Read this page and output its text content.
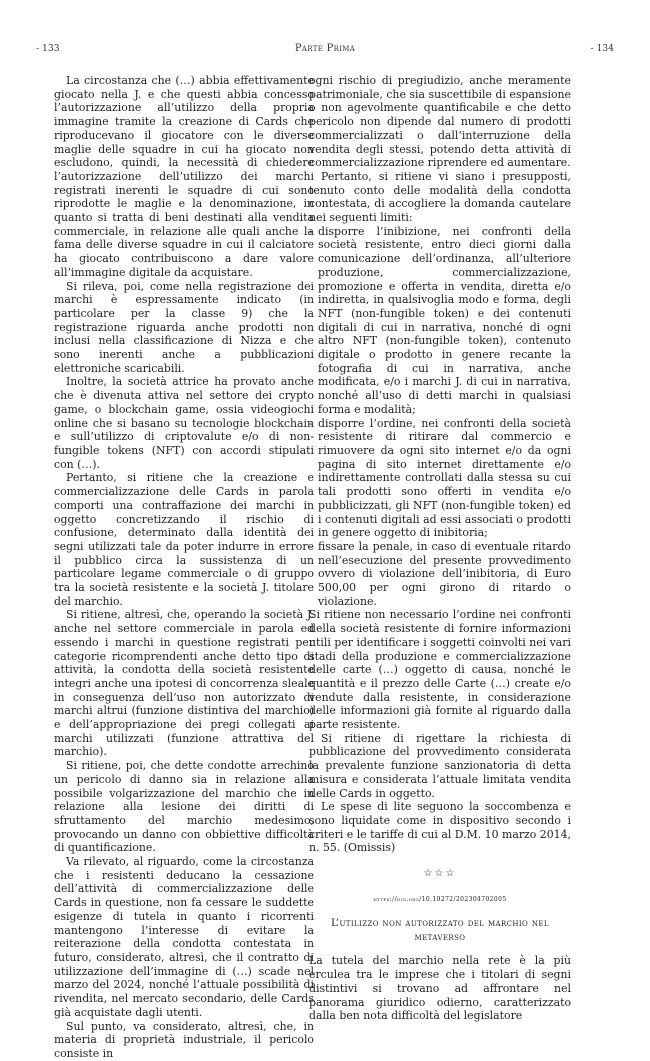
- 133	Parte Prima	- 134

La circostanza che (…) abbia effettivamente giocato nella J. e che questi abbia concesso l’autorizzazione all’utilizzo della propria immagine tramite la creazione di Cards che riproducevano il giocatore con le diverse maglie delle squadre in cui ha giocato non escludono, quindi, la necessità di chiedere l’autorizzazione dell’utilizzo dei marchi registrati inerenti le squadre di cui sono riprodotte le maglie e la denominazione, in quanto si tratta di beni destinati alla vendita commerciale, in relazione alle quali anche la fama delle diverse squadre in cui il calciatore ha giocato contribuiscono a dare valore all’immagine digitale da acquistare.

Si rileva, poi, come nella registrazione dei marchi è espressamente indicato (in particolare per la classe 9) che la registrazione riguarda anche prodotti non inclusi nella classificazione di Nizza e che sono inerenti anche a pubblicazioni elettroniche scaricabili.

Inoltre, la società attrice ha provato anche che è divenuta attiva nel settore dei crypto game, o blockchain game, ossia videogiochi online che si basano su tecnologie blockchain e sull’utilizzo di criptovalute e/o di non-fungible tokens (NFT) con accordi stipulati con (…).

Pertanto, si ritiene che la creazione e commercializzazione delle Cards in parola comporti una contraffazione dei marchi in oggetto concretizzando il rischio di confusione, determinato dalla identità dei segni utilizzati tale da poter indurre in errore il pubblico circa la sussistenza di un particolare legame commerciale o di gruppo tra la società resistente e la società J. titolare del marchio.

Si ritiene, altresì, che, operando la società J. anche nel settore commerciale in parola ed essendo i marchi in questione registrati per categorie ricomprendenti anche detto tipo di attività, la condotta della società resistente integri anche una ipotesi di concorrenza sleale in conseguenza dell’uso non autorizzato di marchi altrui (funzione distintiva del marchio) e dell’appropriazione dei pregi collegati ai marchi utilizzati (funzione attrattiva del marchio).

Si ritiene, poi, che dette condotte arrechino un pericolo di danno sia in relazione alla possibile volgarizzazione del marchio che in relazione alla lesione dei diritti di sfruttamento del marchio medesimo, provocando un danno con obbiettive difficoltà di quantificazione.

Va rilevato, al riguardo, come la circostanza che i resistenti deducano la cessazione dell’attività di commercializzazione delle Cards in questione, non fa cessare le suddette esigenze di tutela in quanto i ricorrenti mantengono l’interesse di evitare la reiterazione della condotta contestata in futuro, considerato, altresì, che il contratto di utilizzazione dell’immagine di (…) scade nel marzo del 2024, nonché l’attuale possibilità di rivendita, nel mercato secondario, delle Cards già acquistate dagli utenti.

Sul punto, va considerato, altresì, che, in materia di proprietà industriale, il pericolo consiste in

ogni rischio di pregiudizio, anche meramente patrimoniale, che sia suscettibile di espansione o non agevolmente quantificabile e che detto pericolo non dipende dal numero di prodotti commercializzati o dall’interruzione della vendita degli stessi, potendo detta attività di commercializzazione riprendere ed aumentare.

Pertanto, si ritiene vi siano i presupposti, tenuto conto delle modalità della condotta contestata, di accogliere la domanda cautelare nei seguenti limiti:

- disporre l’inibizione, nei confronti della società resistente, entro dieci giorni dalla comunicazione dell’ordinanza, all’ulteriore produzione, commercializzazione, promozione e offerta in vendita, diretta e/o indiretta, in qualsivoglia modo e forma, degli NFT (non-fungible token) e dei contenuti digitali di cui in narrativa, nonché di ogni altro NFT (non-fungible token), contenuto digitale o prodotto in genere recante la fotografia di cui in narrativa, anche modificata, e/o i marchi J. di cui in narrativa, nonché all’uso di detti marchi in qualsiasi forma e modalità;
- disporre l’ordine, nei confronti della società resistente di ritirare dal commercio e rimuovere da ogni sito internet e/o da ogni pagina di sito internet direttamente e/o indirettamente controllati dalla stessa su cui tali prodotti sono offerti in vendita e/o pubblicizzati, gli NFT (non-fungible token) ed i contenuti digitali ad essi associati o prodotti in genere oggetto di inibitoria;
- fissare la penale, in caso di eventuale ritardo nell’esecuzione del presente provvedimento ovvero di violazione dell’inibitoria, di Euro 500,00 per ogni girono di ritardo o violazione.

Si ritiene non necessario l’ordine nei confronti della società resistente di fornire informazioni utili per identificare i soggetti coinvolti nei vari stadi della produzione e commercializzazione delle carte (…) oggetto di causa, nonché le quantità e il prezzo delle Carte (…) create e/o vendute dalla resistente, in considerazione delle informazioni già fornite al riguardo dalla parte resistente.

Si ritiene di rigettare la richiesta di pubblicazione del provvedimento considerata la prevalente funzione sanzionatoria di detta misura e considerata l’attuale limitata vendita delle Cards in oggetto.

Le spese di lite seguono la soccombenza e sono liquidate come in dispositivo secondo i criteri e le tariffe di cui al D.M. 10 marzo 2014, n. 55. (Omissis)

☆☆☆
https://doi.org/10.19272/202304702005
L’utilizzo non autorizzato del marchio nel metaverso

La tutela del marchio nella rete è la più erculea tra le imprese che i titolari di segni distintivi si trovano ad affrontare nel panorama giuridico odierno, caratterizzato dalla ben nota difficoltà del legislatore
